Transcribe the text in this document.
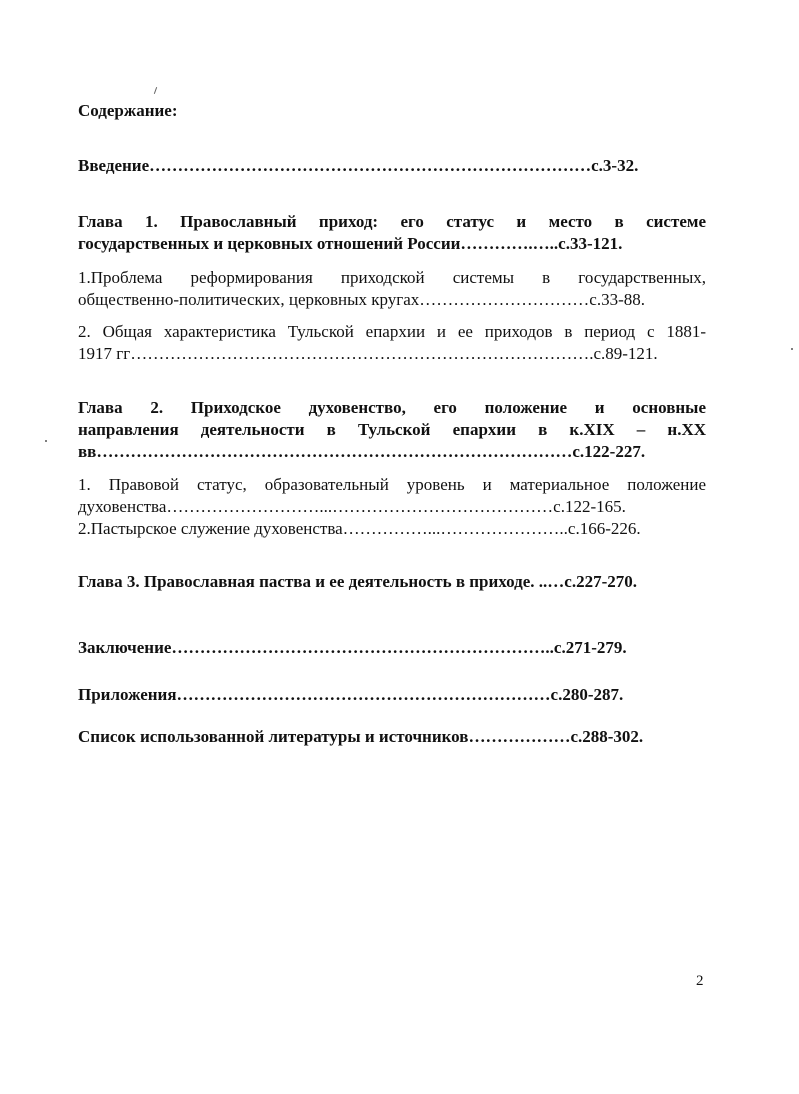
Содержание:
Введение……………………………………………………………………с.3-32.
Глава 1. Православный приход: его статус и место в системе
государственных и церковных отношений России………….…..с.33-121.
1.Проблема реформирования приходской системы в государственных,
общественно-политических, церковных кругах…………………………с.33-88.
2. Общая характеристика Тульской епархии и ее приходов в период с 1881-
1917 гг……………………………………………………………………….с.89-121.
Глава 2. Приходское духовенство, его положение и основные
направления деятельности в Тульской епархии в к.XIX – н.XX
вв…………………………………………………………………………с.122-227.
1. Правовой статус, образовательный уровень и материальное положение
духовенства………………………...…………………………………с.122-165.
2.Пастырское служение духовенства……………...…………………..с.166-226.
Глава 3. Православная паства и ее деятельность в приходе. ..…с.227-270.
Заключение…………………………………………………………..с.271-279.
Приложения…………………………………………………………с.280-287.
Список использованной литературы и источников………………с.288-302.
2
